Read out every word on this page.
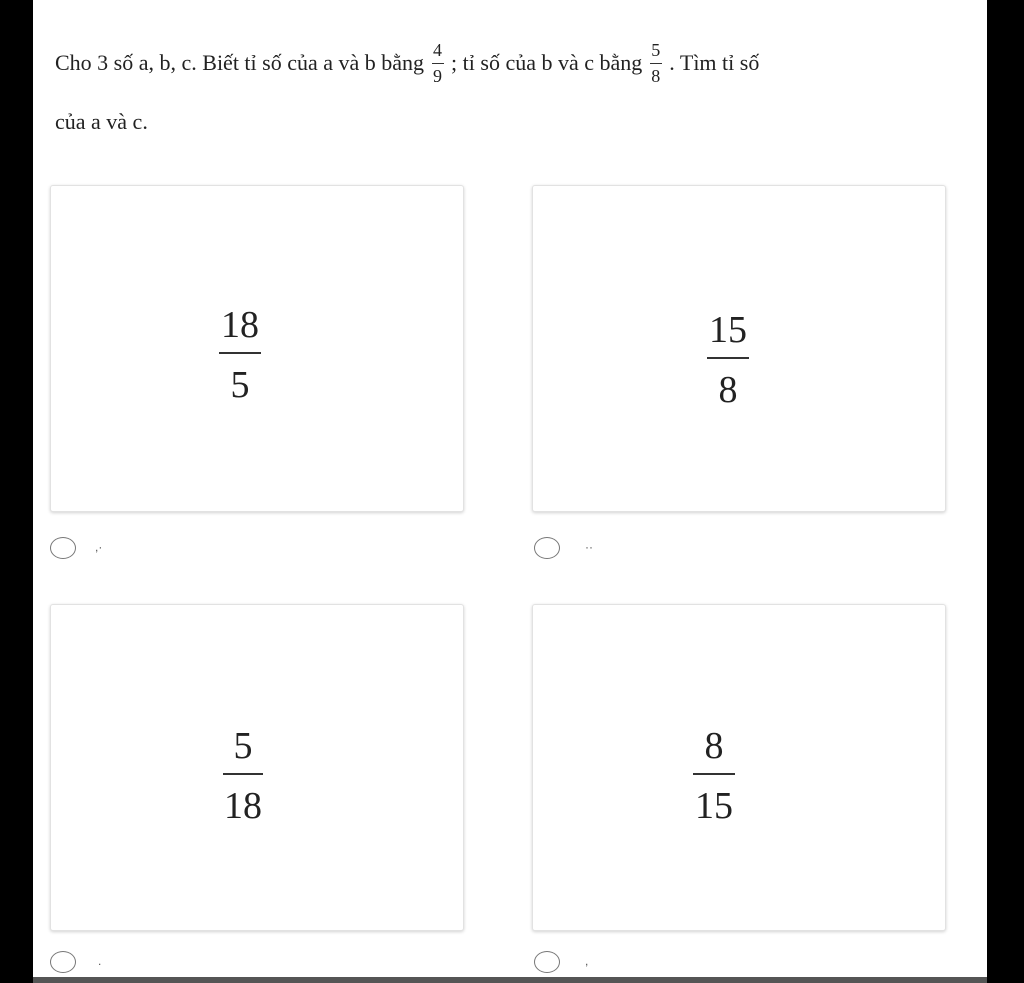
Cho 3 số a, b, c. Biết tỉ số của a và b bằng 4
9
; tỉ số của b và c bằng 5
8
. Tìm tỉ số
của a và c.
18
5
,·
15
8
··
5
18
.
8
15
,
